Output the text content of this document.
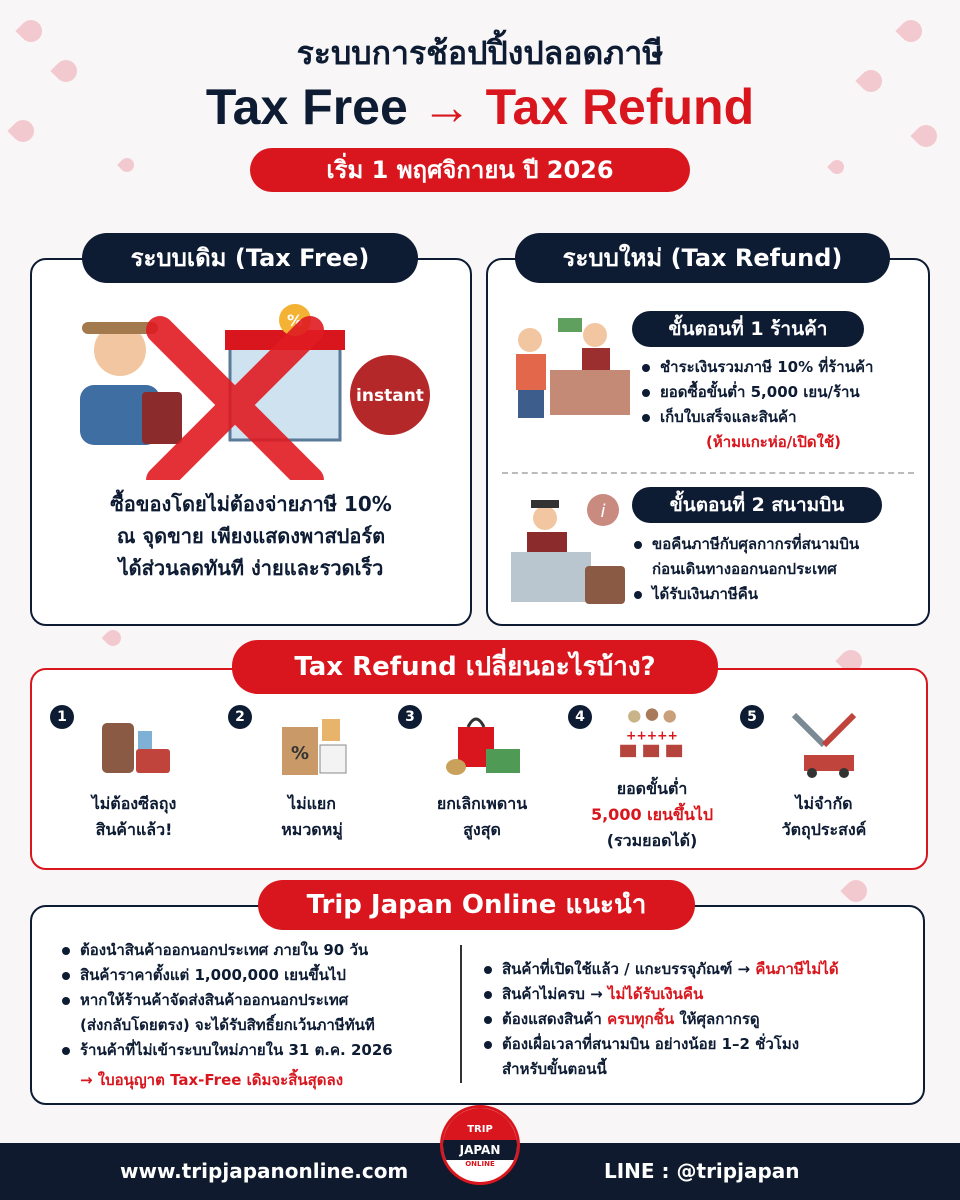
ระบบการช้อปปิ้งปลอดภาษี
Tax Free → Tax Refund
เริ่ม 1 พฤศจิกายน ปี 2026
ระบบเดิม (Tax Free)
%
instant
ซื้อของโดยไม่ต้องจ่ายภาษี 10%
ณ จุดขาย เพียงแสดงพาสปอร์ต
ได้ส่วนลดทันที ง่ายและรวดเร็ว
ระบบใหม่ (Tax Refund)
ขั้นตอนที่ 1 ร้านค้า
ชำระเงินรวมภาษี 10% ที่ร้านค้า
ยอดซื้อขั้นต่ำ 5,000 เยน/ร้าน
เก็บใบเสร็จและสินค้า
(ห้ามแกะห่อ/เปิดใช้)
i	ขั้นตอนที่ 2 สนามบิน
ขอคืนภาษีกับศุลกากรที่สนามบิน
ก่อนเดินทางออกนอกประเทศ
ได้รับเงินภาษีคืน
Tax Refund เปลี่ยนอะไรบ้าง?
1
ไม่ต้องซีลถุง
สินค้าแล้ว!
2
%
ไม่แยก
หมวดหมู่
3
ยกเลิกเพดาน
สูงสุด
4
+++++
ยอดขั้นต่ำ
5,000 เยนขึ้นไป
(รวมยอดได้)
5
ไม่จำกัด
วัตถุประสงค์
Trip Japan Online แนะนำ
ต้องนำสินค้าออกนอกประเทศ ภายใน 90 วัน
สินค้าราคาตั้งแต่ 1,000,000 เยนขึ้นไป
หากให้ร้านค้าจัดส่งสินค้าออกนอกประเทศ
(ส่งกลับโดยตรง) จะได้รับสิทธิ์ยกเว้นภาษีทันที
ร้านค้าที่ไม่เข้าระบบใหม่ภายใน 31 ต.ค. 2026
→ ใบอนุญาต Tax-Free เดิมจะสิ้นสุดลง
สินค้าที่เปิดใช้แล้ว / แกะบรรจุภัณฑ์ → คืนภาษีไม่ได้
สินค้าไม่ครบ → ไม่ได้รับเงินคืน
ต้องแสดงสินค้า ครบทุกชิ้น ให้ศุลกากรดู
ต้องเผื่อเวลาที่สนามบิน อย่างน้อย 1–2 ชั่วโมง
สำหรับขั้นตอนนี้
www.tripjapanonline.com	LINE : @tripjapan
TRIP
JAPAN
ONLINE
